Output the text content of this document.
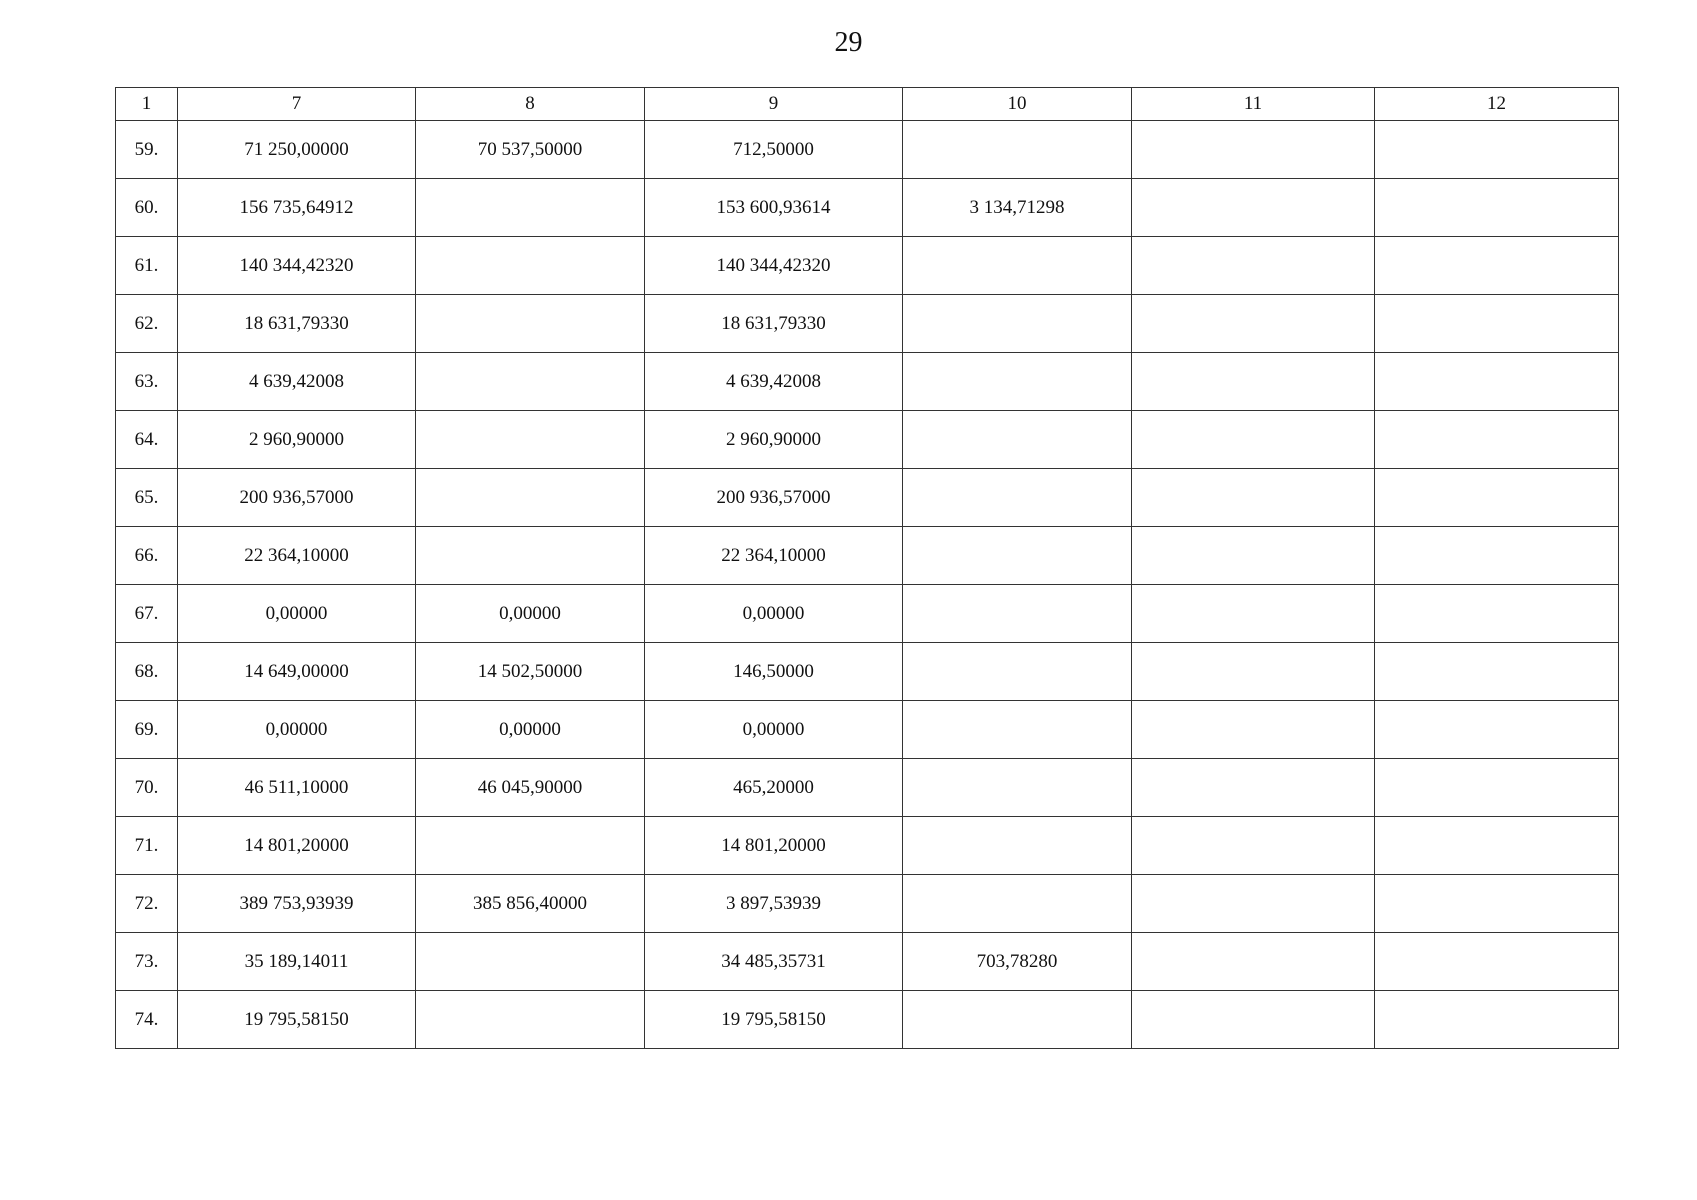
29
1	7	8	9	10	11	12
59.	71 250,00000	70 537,50000	712,50000			
60.	156 735,64912		153 600,93614	3 134,71298		
61.	140 344,42320		140 344,42320			
62.	18 631,79330		18 631,79330			
63.	4 639,42008		4 639,42008			
64.	2 960,90000		2 960,90000			
65.	200 936,57000		200 936,57000			
66.	22 364,10000		22 364,10000			
67.	0,00000	0,00000	0,00000			
68.	14 649,00000	14 502,50000	146,50000			
69.	0,00000	0,00000	0,00000			
70.	46 511,10000	46 045,90000	465,20000			
71.	14 801,20000		14 801,20000			
72.	389 753,93939	385 856,40000	3 897,53939			
73.	35 189,14011		34 485,35731	703,78280		
74.	19 795,58150		19 795,58150			
